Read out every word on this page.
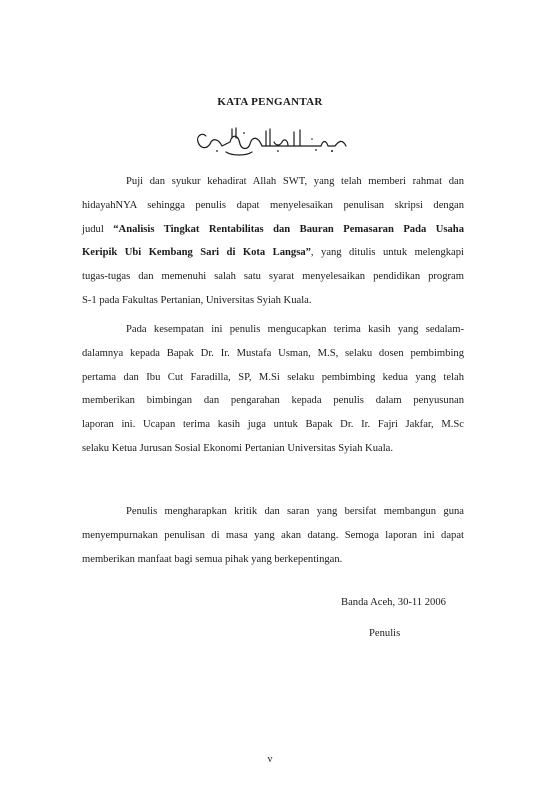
KATA PENGANTAR
Puji dan syukur kehadirat Allah SWT, yang telah memberi rahmat dan
hidayahNYA sehingga penulis dapat menyelesaikan penulisan skripsi dengan
judul “Analisis Tingkat Rentabilitas dan Bauran Pemasaran Pada Usaha
Keripik Ubi Kembang Sari di Kota Langsa”, yang ditulis untuk melengkapi
tugas-tugas dan memenuhi salah satu syarat menyelesaikan pendidikan program
S-1 pada Fakultas Pertanian, Universitas Syiah Kuala.
Pada kesempatan ini penulis mengucapkan terima kasih yang sedalam-
dalamnya kepada Bapak Dr. Ir. Mustafa Usman, M.S, selaku dosen pembimbing
pertama dan Ibu Cut Faradilla, SP, M.Si selaku pembimbing kedua yang telah
memberikan bimbingan dan pengarahan kepada penulis dalam penyusunan
laporan ini. Ucapan terima kasih juga untuk Bapak Dr. Ir. Fajri Jakfar, M.Sc
selaku Ketua Jurusan Sosial Ekonomi Pertanian Universitas Syiah Kuala.
Penulis mengharapkan kritik dan saran yang bersifat membangun guna
menyempurnakan penulisan di masa yang akan datang. Semoga laporan ini dapat
memberikan manfaat bagi semua pihak yang berkepentingan.
Banda Aceh, 30-11 2006
Penulis
v
